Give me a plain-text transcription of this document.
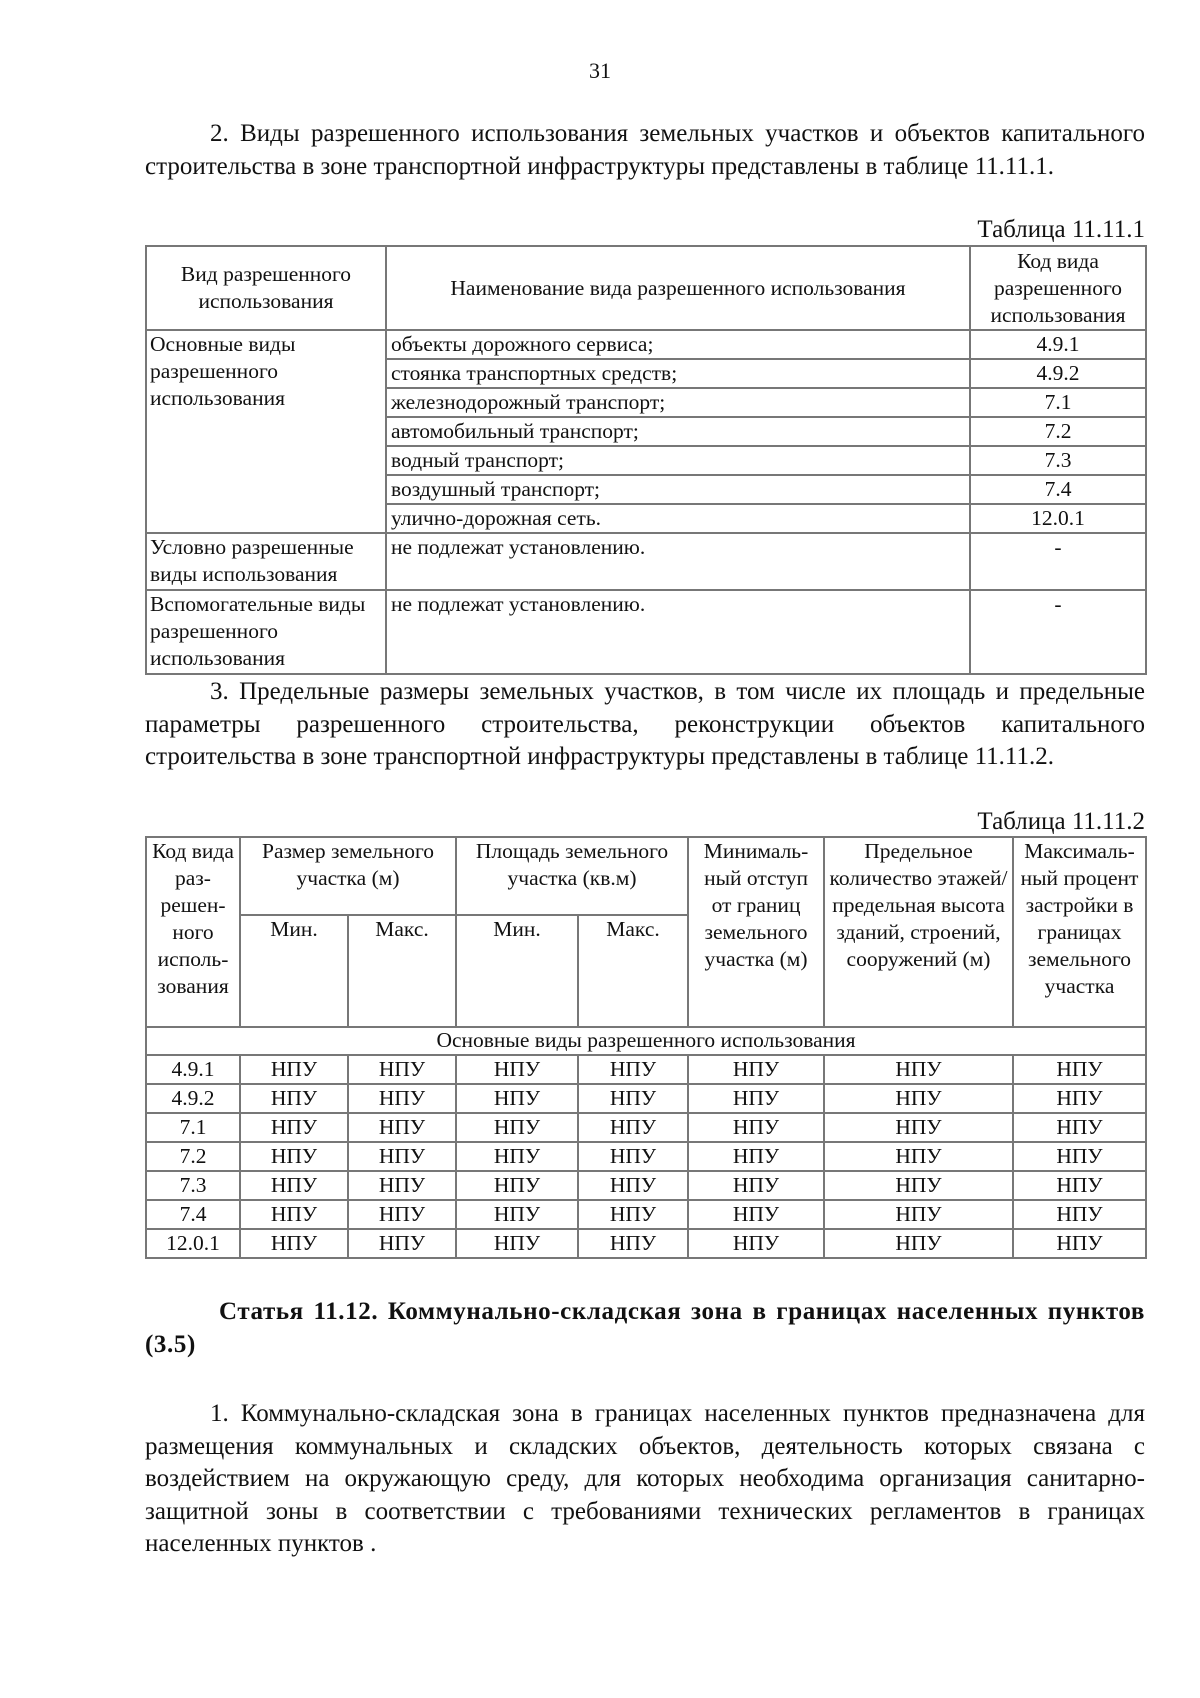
31

2. Виды разрешенного использования земельных участков и объектов капитального строительства в зоне транспортной инфраструктуры представлены в таблице 11.11.1.

Таблица 11.11.1
Вид разрешенного использования	Наименование вида разрешенного использования	Код вида разрешенного использования
Основные виды разрешенного использования	объекты дорожного сервиса;	4.9.1
	стоянка транспортных средств;	4.9.2
	железнодорожный транспорт;	7.1
	автомобильный транспорт;	7.2
	водный транспорт;	7.3
	воздушный транспорт;	7.4
	улично-дорожная сеть.	12.0.1
Условно разрешенные виды использования	не подлежат установлению.	-
Вспомогательные виды разрешенного использования	не подлежат установлению.	-

3. Предельные размеры земельных участков, в том числе их площадь и предельные параметры разрешенного строительства, реконструкции объектов капитального строительства в зоне транспортной инфраструктуры представлены в таблице 11.11.2.

Таблица 11.11.2
Код вида раз-решен-ного исполь-зования	Размер земельного участка (м)		Площадь земельного участка (кв.м)		Минималь-ный отступ от границ земельного участка (м)	Предельное количество этажей/ предельная высота зданий, строений, сооружений (м)	Максималь-ный процент застройки в границах земельного участка
	Мин.	Макс.	Мин.	Макс.			
Основные виды разрешенного использования							
4.9.1	НПУ	НПУ	НПУ	НПУ	НПУ	НПУ	НПУ
4.9.2	НПУ	НПУ	НПУ	НПУ	НПУ	НПУ	НПУ
7.1	НПУ	НПУ	НПУ	НПУ	НПУ	НПУ	НПУ
7.2	НПУ	НПУ	НПУ	НПУ	НПУ	НПУ	НПУ
7.3	НПУ	НПУ	НПУ	НПУ	НПУ	НПУ	НПУ
7.4	НПУ	НПУ	НПУ	НПУ	НПУ	НПУ	НПУ
12.0.1	НПУ	НПУ	НПУ	НПУ	НПУ	НПУ	НПУ

Статья 11.12. Коммунально-складская зона в границах населенных пунктов (3.5)

1. Коммунально-складская зона в границах населенных пунктов предназначена для размещения коммунальных и складских объектов, деятельность которых связана с воздействием на окружающую среду, для которых необходима организация санитарно-защитной зоны в соответствии с требованиями технических регламентов в границах населенных пунктов .
